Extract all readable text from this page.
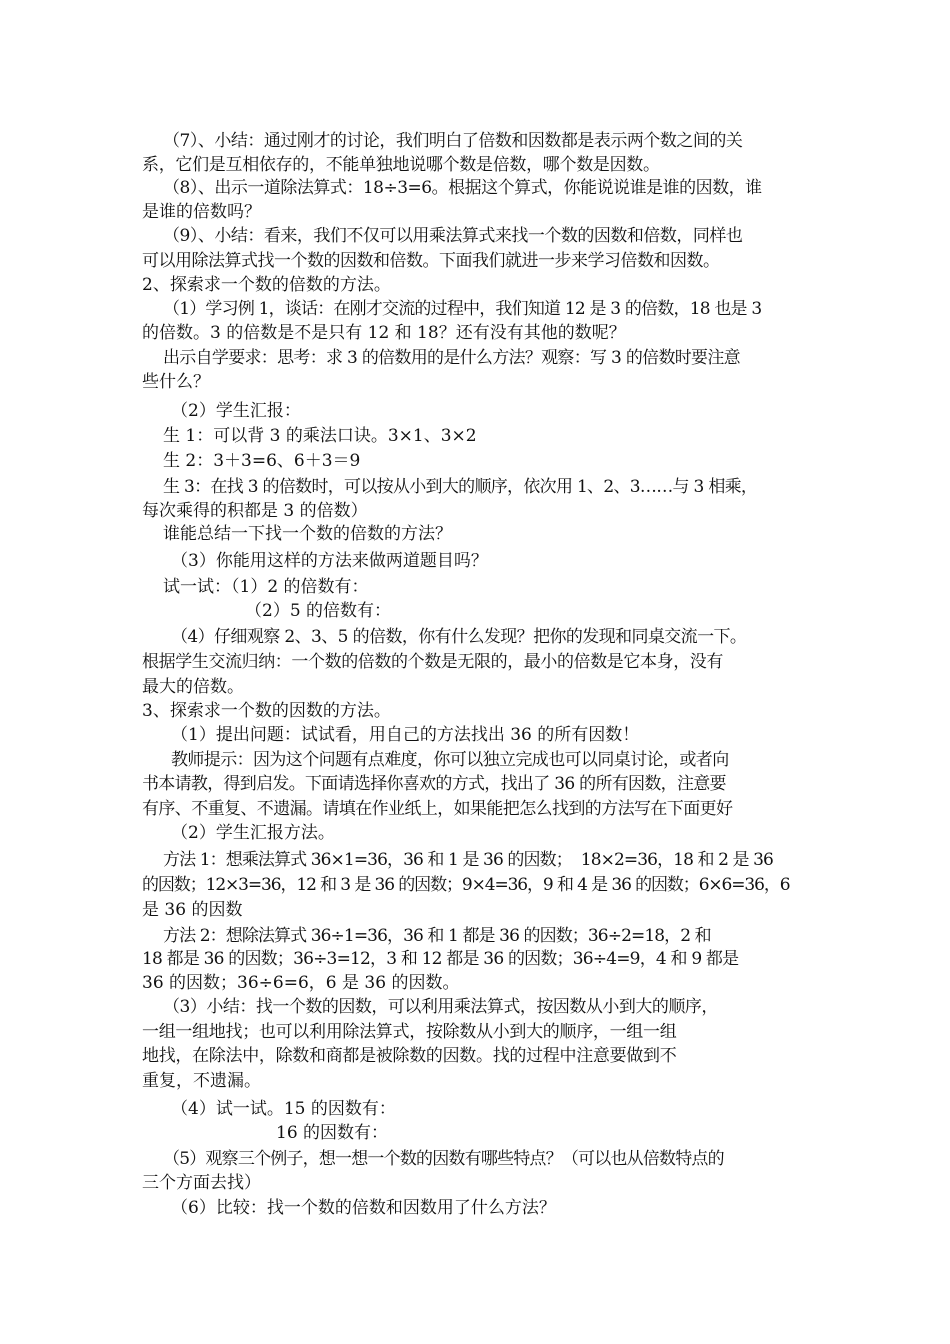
（7）、小结：通过刚才的讨论，我们明白了倍数和因数都是表示两个数之间的关
系，它们是互相依存的，不能单独地说哪个数是倍数，哪个数是因数。
（8）、出示一道除法算式：18÷3=6。根据这个算式，你能说说谁是谁的因数，谁
是谁的倍数吗？
（9）、小结：看来，我们不仅可以用乘法算式来找一个数的因数和倍数，同样也
可以用除法算式找一个数的因数和倍数。下面我们就进一步来学习倍数和因数。
2、探索求一个数的倍数的方法。
（1）学习例 1，谈话：在刚才交流的过程中，我们知道 12 是 3 的倍数，18 也是 3
的倍数。3 的倍数是不是只有 12 和 18？还有没有其他的数呢？
出示自学要求：思考：求 3 的倍数用的是什么方法？观察：写 3 的倍数时要注意
些什么？
（2）学生汇报：
生 1：可以背 3 的乘法口诀。3×1、3×2
生 2：3＋3=6、6＋3＝9
生 3：在找 3 的倍数时，可以按从小到大的顺序，依次用 1、2、3……与 3 相乘，
每次乘得的积都是 3 的倍数）
谁能总结一下找一个数的倍数的方法？
（3）你能用这样的方法来做两道题目吗？
试一试：（1）2 的倍数有：
（2）5 的倍数有：
（4）仔细观察 2、3、5 的倍数，你有什么发现？把你的发现和同桌交流一下。
根据学生交流归纳：一个数的倍数的个数是无限的，最小的倍数是它本身，没有
最大的倍数。
3、探索求一个数的因数的方法。
（1）提出问题：试试看，用自己的方法找出 36 的所有因数！
教师提示：因为这个问题有点难度，你可以独立完成也可以同桌讨论，或者向
书本请教，得到启发。下面请选择你喜欢的方式，找出了 36 的所有因数，注意要
有序、不重复、不遗漏。请填在作业纸上，如果能把怎么找到的方法写在下面更好
（2）学生汇报方法。
方法 1：想乘法算式 36×1=36，36 和 1 是 36 的因数；  18×2=36，18 和 2 是 36
的因数；12×3=36，12 和 3 是 36 的因数；9×4=36，9 和 4 是 36 的因数；6×6=36，6
是 36 的因数
方法 2：想除法算式 36÷1=36，36 和 1 都是 36 的因数；36÷2=18，2 和
18 都是 36 的因数；36÷3=12，3 和 12 都是 36 的因数；36÷4=9，4 和 9 都是
36 的因数；36÷6=6，6 是 36 的因数。
（3）小结：找一个数的因数，可以利用乘法算式，按因数从小到大的顺序，
一组一组地找；也可以利用除法算式，按除数从小到大的顺序，一组一组
地找，在除法中，除数和商都是被除数的因数。找的过程中注意要做到不
重复，不遗漏。
（4）试一试。15 的因数有：
16 的因数有：
（5）观察三个例子，想一想一个数的因数有哪些特点？（可以也从倍数特点的
三个方面去找）
（6）比较：找一个数的倍数和因数用了什么方法？
